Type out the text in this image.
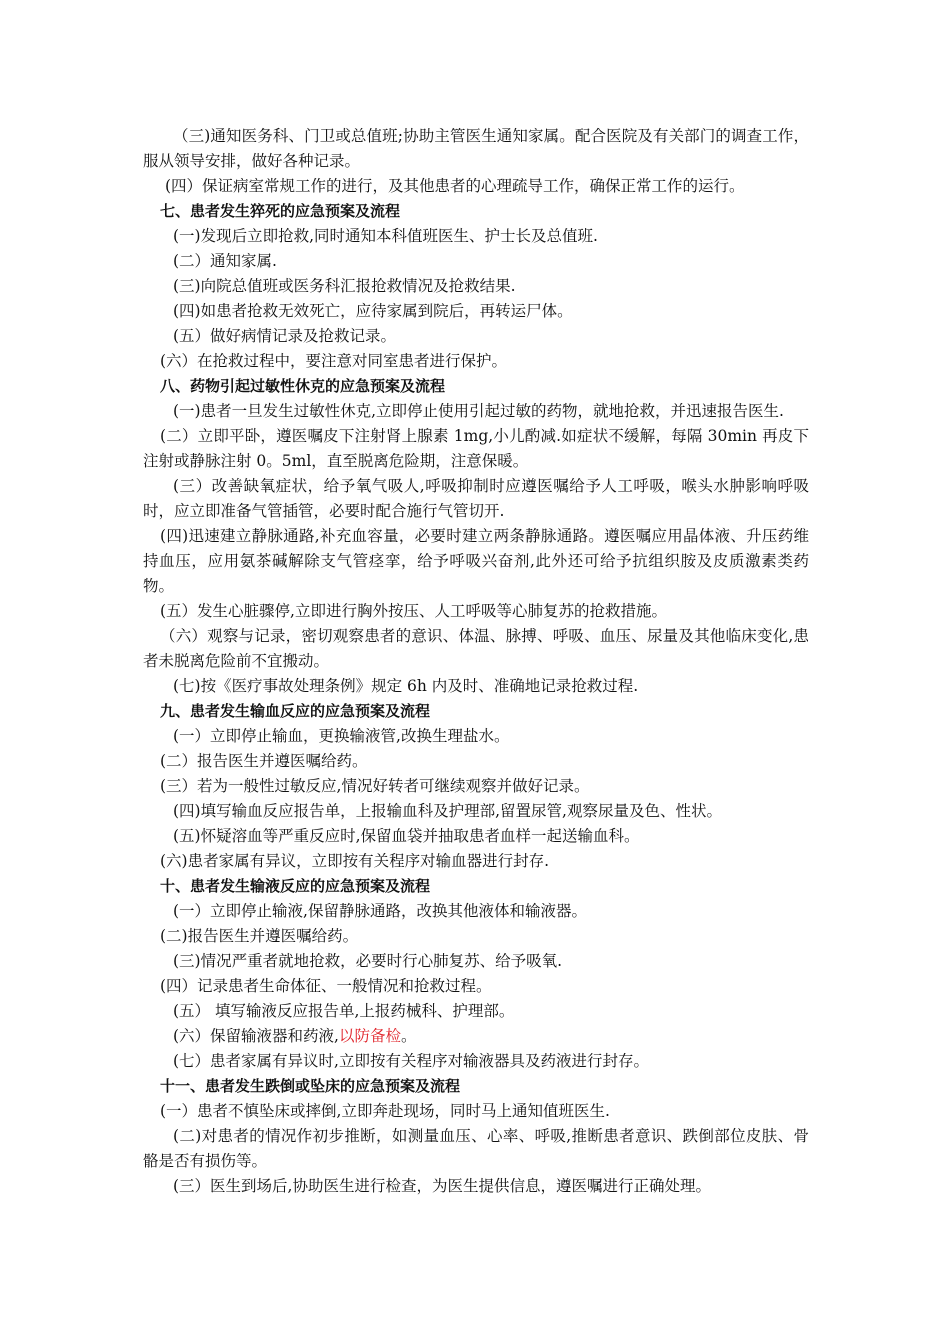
（三)通知医务科、门卫或总值班;协助主管医生通知家属。配合医院及有关部门的调查工作，服从领导安排，做好各种记录。

(四）保证病室常规工作的进行，及其他患者的心理疏导工作，确保正常工作的运行。

七、患者发生猝死的应急预案及流程

(一)发现后立即抢救,同时通知本科值班医生、护士长及总值班.

(二）通知家属.

(三)向院总值班或医务科汇报抢救情况及抢救结果.

(四)如患者抢救无效死亡，应待家属到院后，再转运尸体。

(五）做好病情记录及抢救记录。

(六）在抢救过程中，要注意对同室患者进行保护。

八、药物引起过敏性休克的应急预案及流程

(一)患者一旦发生过敏性休克,立即停止使用引起过敏的药物，就地抢救，并迅速报告医生.

(二）立即平卧，遵医嘱皮下注射肾上腺素 1mg,小儿酌减.如症状不缓解，每隔 30min 再皮下注射或静脉注射 0。5ml，直至脱离危险期，注意保暖。

(三）改善缺氧症状，给予氧气吸人,呼吸抑制时应遵医嘱给予人工呼吸，喉头水肿影响呼吸时，应立即准备气管插管，必要时配合施行气管切开.

(四)迅速建立静脉通路,补充血容量，必要时建立两条静脉通路。遵医嘱应用晶体液、升压药维持血压，应用氨茶碱解除支气管痉挛，给予呼吸兴奋剂,此外还可给予抗组织胺及皮质激素类药物。

(五）发生心脏骤停,立即进行胸外按压、人工呼吸等心肺复苏的抢救措施。

（六）观察与记录，密切观察患者的意识、体温、脉搏、呼吸、血压、尿量及其他临床变化,患者未脱离危险前不宜搬动。

(七)按《医疗事故处理条例》规定 6h 内及时、准确地记录抢救过程.

九、患者发生输血反应的应急预案及流程

(一）立即停止输血，更换输液管,改换生理盐水。

(二）报告医生并遵医嘱给药。

(三）若为一般性过敏反应,情况好转者可继续观察并做好记录。

(四)填写输血反应报告单，上报输血科及护理部,留置尿管,观察尿量及色、性状。

(五)怀疑溶血等严重反应时,保留血袋并抽取患者血样一起送输血科。

(六)患者家属有异议，立即按有关程序对输血器进行封存.

十、患者发生输液反应的应急预案及流程

(一）立即停止输液,保留静脉通路，改换其他液体和输液器。

(二)报告医生并遵医嘱给药。

(三)情况严重者就地抢救，必要时行心肺复苏、给予吸氧.

(四）记录患者生命体征、一般情况和抢救过程。

(五） 填写输液反应报告单,上报药械科、护理部。

(六）保留输液器和药液,以防备检。

(七）患者家属有异议时,立即按有关程序对输液器具及药液进行封存。

十一、患者发生跌倒或坠床的应急预案及流程

(一）患者不慎坠床或摔倒,立即奔赴现场，同时马上通知值班医生.

(二)对患者的情况作初步推断，如测量血压、心率、呼吸,推断患者意识、跌倒部位皮肤、骨骼是否有损伤等。

(三）医生到场后,协助医生进行检查，为医生提供信息，遵医嘱进行正确处理。
